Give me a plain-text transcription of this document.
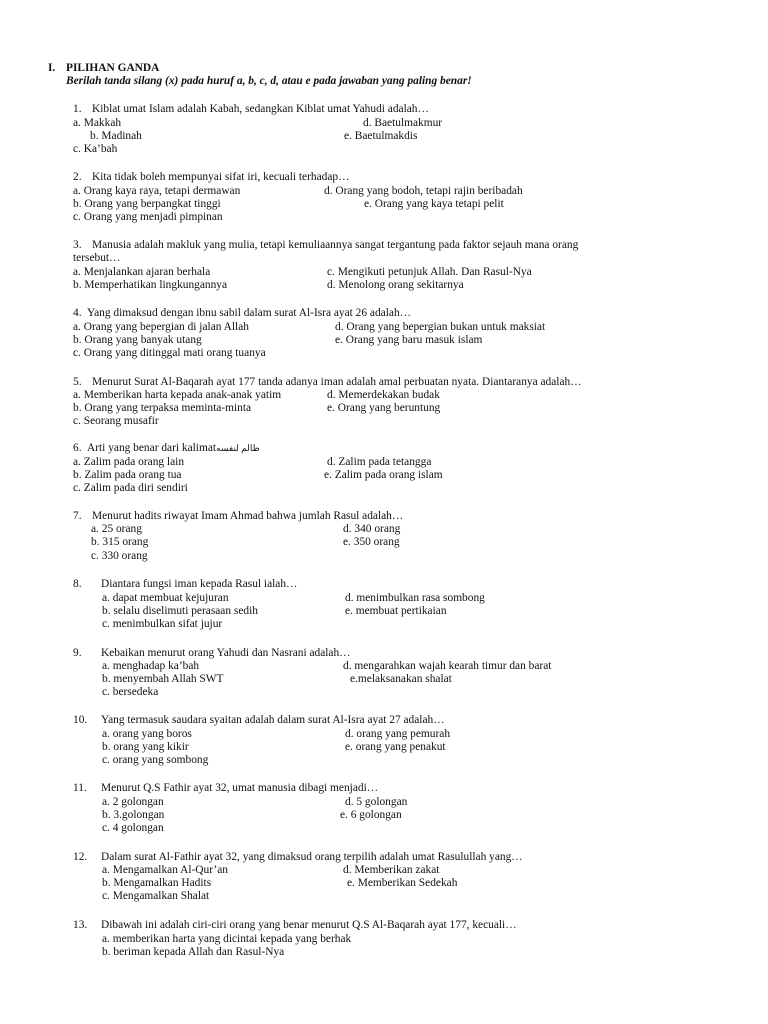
I. PILIHAN GANDA
Berilah tanda silang (x) pada huruf a, b, c, d, atau e pada jawaban yang paling benar!
1. Kiblat umat Islam adalah Kabah, sedangkan Kiblat umat Yahudi adalah…
a. Makkah	d. Baetulmakmur
b. Madinah	e. Baetulmakdis
c. Ka’bah
2. Kita tidak boleh mempunyai sifat iri, kecuali terhadap…
a. Orang kaya raya, tetapi dermawan	d. Orang yang bodoh, tetapi rajin beribadah
b. Orang yang berpangkat tinggi	e. Orang yang kaya tetapi pelit
c. Orang yang menjadi pimpinan
3. Manusia adalah makluk yang mulia, tetapi kemuliaannya sangat tergantung pada faktor sejauh mana orang
tersebut…
a. Menjalankan ajaran berhala	c. Mengikuti petunjuk Allah. Dan Rasul-Nya
b. Memperhatikan lingkungannya	d. Menolong orang sekitarnya
4. Yang dimaksud dengan ibnu sabil dalam surat Al-Isra ayat 26 adalah…
a. Orang yang bepergian di jalan Allah	d. Orang yang bepergian bukan untuk maksiat
b. Orang yang banyak utang	e. Orang yang baru masuk islam
c. Orang yang ditinggal mati orang tuanya
5. Menurut Surat Al-Baqarah ayat 177 tanda adanya iman adalah amal perbuatan nyata. Diantaranya adalah…
a. Memberikan harta kepada anak-anak yatim	d. Memerdekakan budak
b. Orang yang terpaksa meminta-minta	e. Orang yang beruntung
c. Seorang musafir
6. Arti yang benar dari kalimatظالم لنفسه
a. Zalim pada orang lain	d. Zalim pada tetangga
b. Zalim pada orang tua	e. Zalim pada orang islam
c. Zalim pada diri sendiri
7. Menurut hadits riwayat Imam Ahmad bahwa jumlah Rasul adalah…
a. 25 orang	d. 340 orang
b. 315 orang	e. 350 orang
c. 330 orang
8. Diantara fungsi iman kepada Rasul ialah…
a. dapat membuat kejujuran	d. menimbulkan rasa sombong
b. selalu diselimuti perasaan sedih	e. membuat pertikaian
c. menimbulkan sifat jujur
9. Kebaikan menurut orang Yahudi dan Nasrani adalah…
a. menghadap ka’bah	d. mengarahkan wajah kearah timur dan barat
b. menyembah Allah SWT	e.melaksanakan shalat
c. bersedeka
10. Yang termasuk saudara syaitan adalah dalam surat Al-Isra ayat 27 adalah…
a. orang yang boros	d. orang yang pemurah
b. orang yang kikir	e. orang yang penakut
c. orang yang sombong
11. Menurut Q.S Fathir ayat 32, umat manusia dibagi menjadi…
a. 2 golongan	d. 5 golongan
b. 3.golongan	e. 6 golongan
c. 4 golongan
12. Dalam surat Al-Fathir ayat 32, yang dimaksud orang terpilih adalah umat Rasulullah yang…
a. Mengamalkan Al-Qur’an	d. Memberikan zakat
b. Mengamalkan Hadits	e. Memberikan Sedekah
c. Mengamalkan Shalat
13. Dibawah ini adalah ciri-ciri orang yang benar menurut Q.S Al-Baqarah ayat 177, kecuali…
a. memberikan harta yang dicintai kepada yang berhak
b. beriman kepada Allah dan Rasul-Nya
